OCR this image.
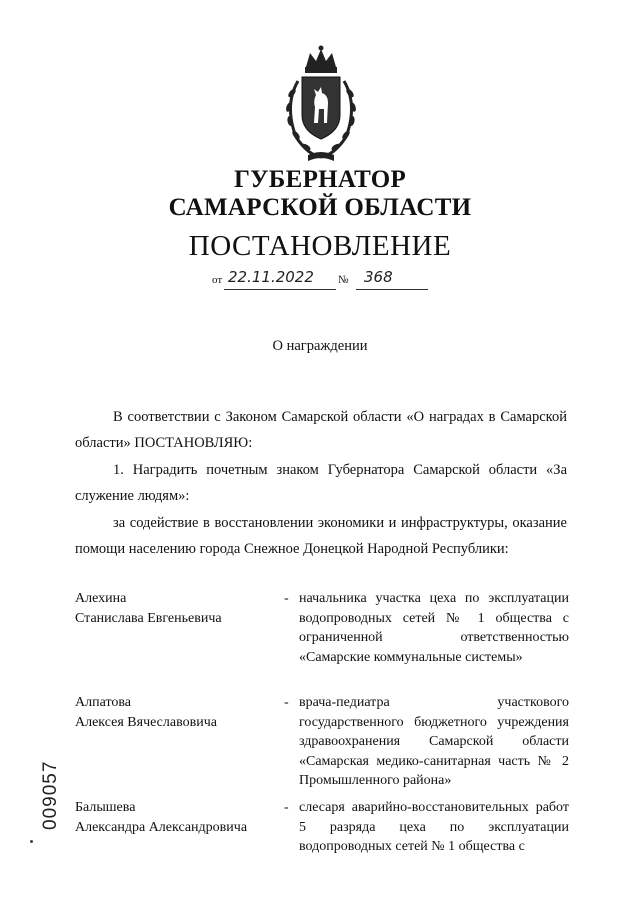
ГУБЕРНАТОР
САМАРСКОЙ ОБЛАСТИ
ПОСТАНОВЛЕНИЕ
от 22.11.2022 № 368
О награждении
В соответствии с Законом Самарской области «О наградах в Самарской области» ПОСТАНОВЛЯЮ:
1. Наградить почетным знаком Губернатора Самарской области «За служение людям»:
за содействие в восстановлении экономики и инфраструктуры, оказание помощи населению города Снежное Донецкой Народной Республики:
Алехина
Станислава Евгеньевича
- начальника участка цеха по эксплуатации водопроводных сетей № 1 общества с ограниченной ответственностью «Самарские коммунальные системы»
Алпатова
Алексея Вячеславовича
- врача-педиатра участкового государственного бюджетного учреждения здравоохранения Самарской области «Самарская медико-санитарная часть № 2 Промышленного района»
Балышева
Александра Александровича
- слесаря аварийно-восстановительных работ 5 разряда цеха по эксплуатации водопроводных сетей № 1 общества с
009057
